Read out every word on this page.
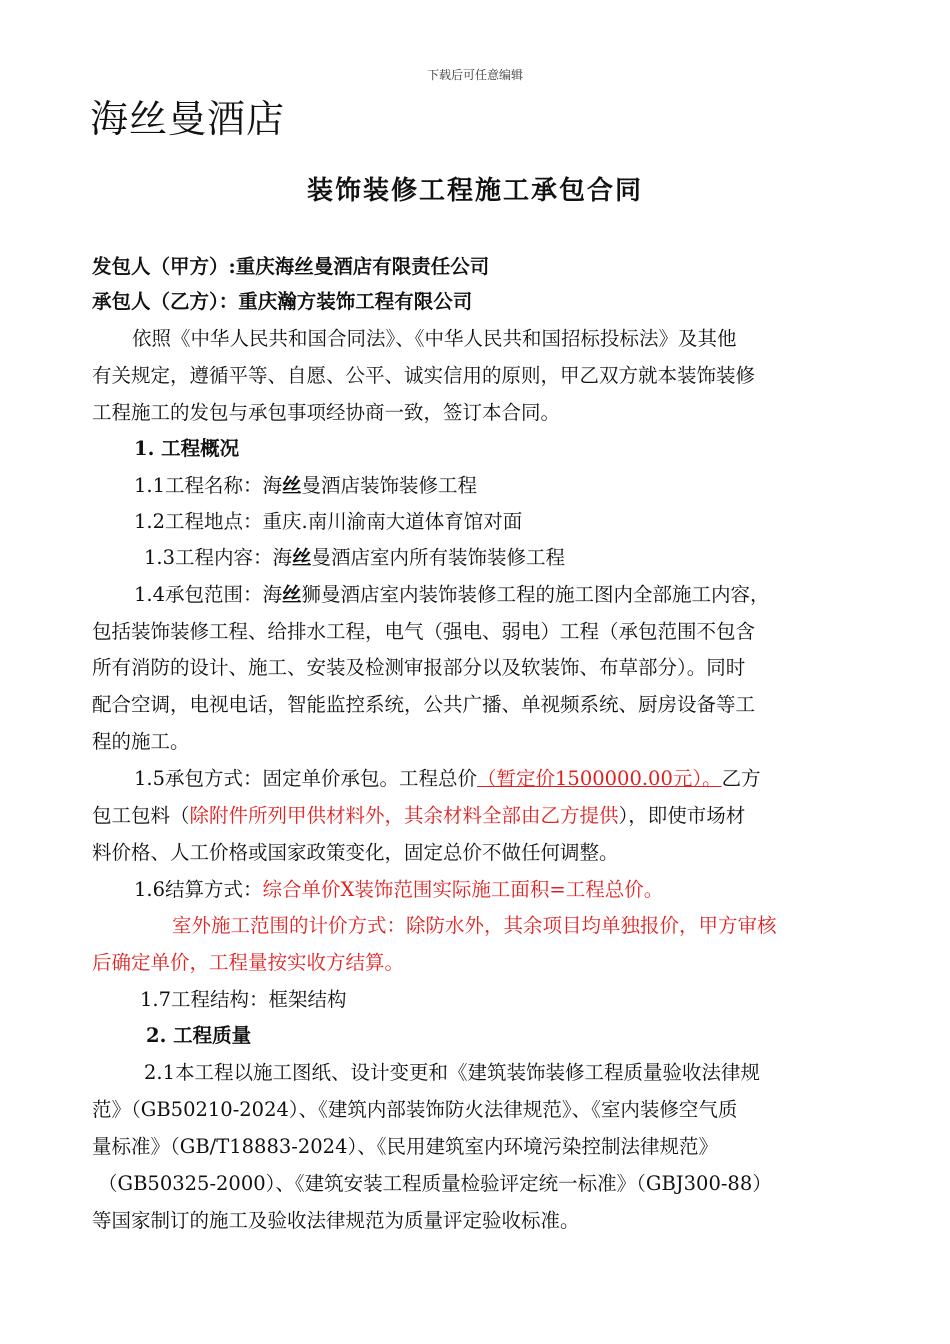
下载后可任意编辑
海丝曼酒店
装饰装修工程施工承包合同
发包人（甲方）:重庆海丝曼酒店有限责任公司
承包人（乙方）：重庆瀚方装饰工程有限公司
依照《中华人民共和国合同法》、《中华人民共和国招标投标法》及其他
有关规定，遵循平等、自愿、公平、诚实信用的原则，甲乙双方就本装饰装修
工程施工的发包与承包事项经协商一致，签订本合同。
1. 工程概况
1.1工程名称：海丝曼酒店装饰装修工程
1.2工程地点：重庆.南川渝南大道体育馆对面
1.3工程内容：海丝曼酒店室内所有装饰装修工程
1.4承包范围：海丝狮曼酒店室内装饰装修工程的施工图内全部施工内容，
包括装饰装修工程、给排水工程，电气（强电、弱电）工程（承包范围不包含
所有消防的设计、施工、安装及检测审报部分以及软装饰、布草部分）。同时
配合空调，电视电话，智能监控系统，公共广播、单视频系统、厨房设备等工
程的施工。
1.5承包方式：固定单价承包。工程总价（暂定价1500000.00元）。乙方
包工包料（除附件所列甲供材料外，其余材料全部由乙方提供），即使市场材
料价格、人工价格或国家政策变化，固定总价不做任何调整。
1.6结算方式：综合单价X装饰范围实际施工面积=工程总价。
室外施工范围的计价方式：除防水外，其余项目均单独报价，甲方审核
后确定单价，工程量按实收方结算。
1.7工程结构：框架结构
2. 工程质量
2.1本工程以施工图纸、设计变更和《建筑装饰装修工程质量验收法律规
范》（GB50210-2024）、《建筑内部装饰防火法律规范》、《室内装修空气质
量标准》（GB/T18883-2024）、《民用建筑室内环境污染控制法律规范》
（GB50325-2000）、《建筑安装工程质量检验评定统一标准》（GBJ300-88）
等国家制订的施工及验收法律规范为质量评定验收标准。
